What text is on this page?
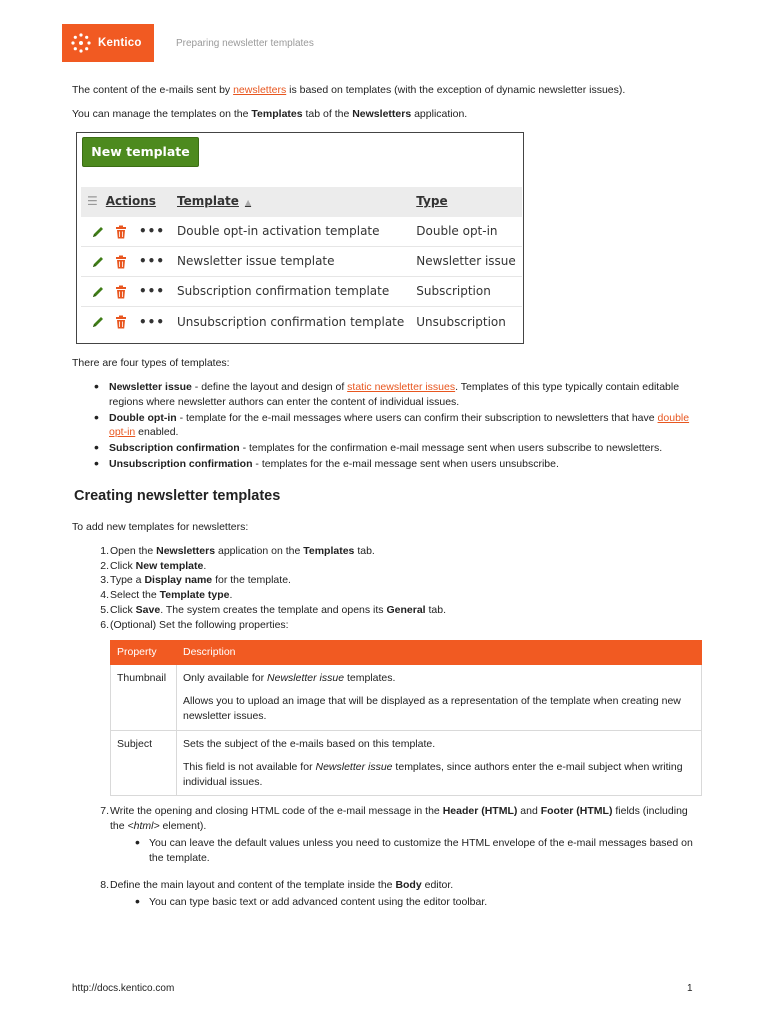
Kentico	Preparing newsletter templates

The content of the e-mails sent by newsletters is based on templates (with the exception of dynamic newsletter issues).

You can manage the templates on the Templates tab of the Newsletters application.

New template
☰ Actions	Template ▲	Type

•••	Double opt-in activation template	Double opt-in

•••	Newsletter issue template	Newsletter issue

•••	Subscription confirmation template	Subscription

•••	Unsubscription confirmation template	Unsubscription

There are four types of templates:

• Newsletter issue - define the layout and design of static newsletter issues. Templates of this type typically contain editable regions where newsletter authors can enter the content of individual issues.
• Double opt-in - template for the e-mail messages where users can confirm their subscription to newsletters that have double opt-in enabled.
• Subscription confirmation - templates for the confirmation e-mail message sent when users subscribe to newsletters.
• Unsubscription confirmation - templates for the e-mail message sent when users unsubscribe.
Creating newsletter templates

To add new templates for newsletters:

1. Open the Newsletters application on the Templates tab.
2. Click New template.
3. Type a Display name for the template.
4. Select the Template type.
5. Click Save. The system creates the template and opens its General tab.
6. (Optional) Set the following properties:
Property	Description
Thumbnail	Only available for Newsletter issue templates.

Allows you to upload an image that will be displayed as a representation of the template when creating new newsletter issues.

Subject	Sets the subject of the e-mails based on this template.

This field is not available for Newsletter issue templates, since authors enter the e-mail subject when writing individual issues.

7. Write the opening and closing HTML code of the e-mail message in the Header (HTML) and Footer (HTML) fields (including the <html> element).
• You can leave the default values unless you need to customize the HTML envelope of the e-mail messages based on the template.
8. Define the main layout and content of the template inside the Body editor.
• You can type basic text or add advanced content using the editor toolbar.
http://docs.kentico.com	1
